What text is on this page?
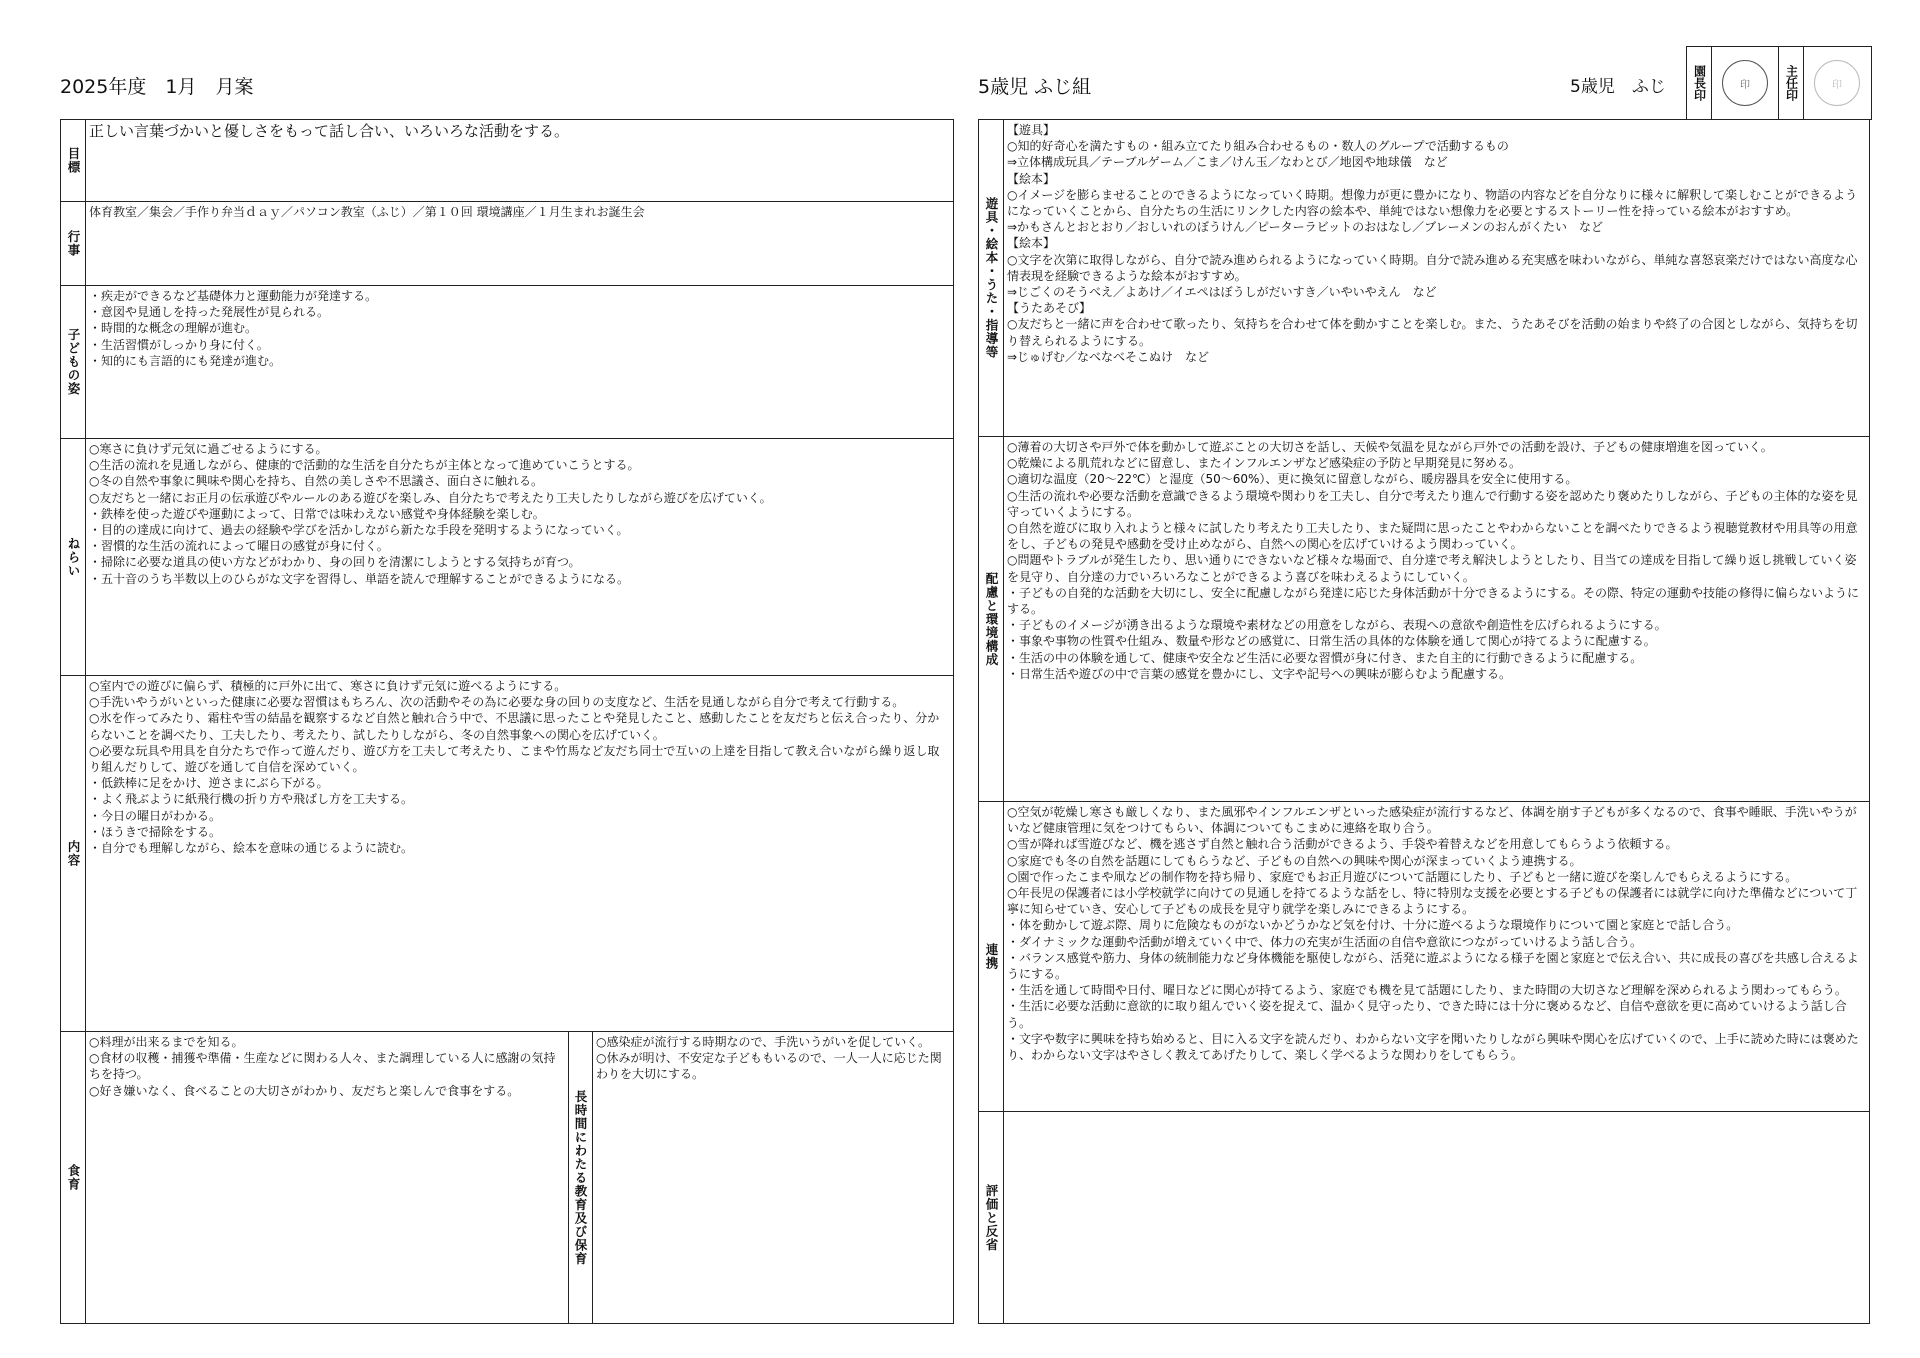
2025年度　1月　月案	5歳児 ふじ組	5歳児　ふじ	園長印	印	主任印	印
目標
正しい言葉づかいと優しさをもって話し合い、いろいろな活動をする。
行事
体育教室／集会／手作り弁当ｄａｙ／パソコン教室（ふじ）／第１０回 環境講座／１月生まれお誕生会
子どもの姿
・疾走ができるなど基礎体力と運動能力が発達する。
・意図や見通しを持った発展性が見られる。
・時間的な概念の理解が進む。
・生活習慣がしっかり身に付く。
・知的にも言語的にも発達が進む。
ねらい
○寒さに負けず元気に過ごせるようにする。
○生活の流れを見通しながら、健康的で活動的な生活を自分たちが主体となって進めていこうとする。
○冬の自然や事象に興味や関心を持ち、自然の美しさや不思議さ、面白さに触れる。
○友だちと一緒にお正月の伝承遊びやルールのある遊びを楽しみ、自分たちで考えたり工夫したりしながら遊びを広げていく。
・鉄棒を使った遊びや運動によって、日常では味わえない感覚や身体経験を楽しむ。
・目的の達成に向けて、過去の経験や学びを活かしながら新たな手段を発明するようになっていく。
・習慣的な生活の流れによって曜日の感覚が身に付く。
・掃除に必要な道具の使い方などがわかり、身の回りを清潔にしようとする気持ちが育つ。
・五十音のうち半数以上のひらがな文字を習得し、単語を読んで理解することができるようになる。
内容
○室内での遊びに偏らず、積極的に戸外に出て、寒さに負けず元気に遊べるようにする。
○手洗いやうがいといった健康に必要な習慣はもちろん、次の活動やその為に必要な身の回りの支度など、生活を見通しながら自分で考えて行動する。
○氷を作ってみたり、霜柱や雪の結晶を観察するなど自然と触れ合う中で、不思議に思ったことや発見したこと、感動したことを友だちと伝え合ったり、分からないことを調べたり、工夫したり、考えたり、試したりしながら、冬の自然事象への関心を広げていく。
○必要な玩具や用具を自分たちで作って遊んだり、遊び方を工夫して考えたり、こまや竹馬など友だち同士で互いの上達を目指して教え合いながら繰り返し取り組んだりして、遊びを通して自信を深めていく。
・低鉄棒に足をかけ、逆さまにぶら下がる。
・よく飛ぶように紙飛行機の折り方や飛ばし方を工夫する。
・今日の曜日がわかる。
・ほうきで掃除をする。
・自分でも理解しながら、絵本を意味の通じるように読む。
食育
○料理が出来るまでを知る。
○食材の収穫・捕獲や準備・生産などに関わる人々、また調理している人に感謝の気持ちを持つ。
○好き嫌いなく、食べることの大切さがわかり、友だちと楽しんで食事をする。	長時間にわたる教育及び保育
○感染症が流行する時期なので、手洗いうがいを促していく。
○休みが明け、不安定な子どももいるので、一人一人に応じた関わりを大切にする。
遊具・絵本・うた・指導等
【遊具】
○知的好奇心を満たすもの・組み立てたり組み合わせるもの・数人のグループで活動するもの
⇒立体構成玩具／テーブルゲーム／こま／けん玉／なわとび／地図や地球儀　など
【絵本】
○イメージを膨らませることのできるようになっていく時期。想像力が更に豊かになり、物語の内容などを自分なりに様々に解釈して楽しむことができるようになっていくことから、自分たちの生活にリンクした内容の絵本や、単純ではない想像力を必要とするストーリー性を持っている絵本がおすすめ。
⇒かもさんとおとおり／おしいれのぼうけん／ピーターラビットのおはなし／ブレーメンのおんがくたい　など
【絵本】
○文字を次第に取得しながら、自分で読み進められるようになっていく時期。自分で読み進める充実感を味わいながら、単純な喜怒哀楽だけではない高度な心情表現を経験できるような絵本がおすすめ。
⇒じごくのそうべえ／よあけ／イエペはぼうしがだいすき／いやいやえん　など
【うたあそび】
○友だちと一緒に声を合わせて歌ったり、気持ちを合わせて体を動かすことを楽しむ。また、うたあそびを活動の始まりや終了の合図としながら、気持ちを切り替えられるようにする。
⇒じゅげむ／なべなべそこぬけ　など
配慮と環境構成
○薄着の大切さや戸外で体を動かして遊ぶことの大切さを話し、天候や気温を見ながら戸外での活動を設け、子どもの健康増進を図っていく。
○乾燥による肌荒れなどに留意し、またインフルエンザなど感染症の予防と早期発見に努める。
○適切な温度（20〜22℃）と湿度（50〜60%）、更に換気に留意しながら、暖房器具を安全に使用する。
○生活の流れや必要な活動を意識できるよう環境や関わりを工夫し、自分で考えたり進んで行動する姿を認めたり褒めたりしながら、子どもの主体的な姿を見守っていくようにする。
○自然を遊びに取り入れようと様々に試したり考えたり工夫したり、また疑問に思ったことやわからないことを調べたりできるよう視聴覚教材や用具等の用意をし、子どもの発見や感動を受け止めながら、自然への関心を広げていけるよう関わっていく。
○問題やトラブルが発生したり、思い通りにできないなど様々な場面で、自分達で考え解決しようとしたり、目当ての達成を目指して繰り返し挑戦していく姿を見守り、自分達の力でいろいろなことができるよう喜びを味わえるようにしていく。
・子どもの自発的な活動を大切にし、安全に配慮しながら発達に応じた身体活動が十分できるようにする。その際、特定の運動や技能の修得に偏らないようにする。
・子どものイメージが湧き出るような環境や素材などの用意をしながら、表現への意欲や創造性を広げられるようにする。
・事象や事物の性質や仕組み、数量や形などの感覚に、日常生活の具体的な体験を通して関心が持てるように配慮する。
・生活の中の体験を通して、健康や安全など生活に必要な習慣が身に付き、また自主的に行動できるように配慮する。
・日常生活や遊びの中で言葉の感覚を豊かにし、文字や記号への興味が膨らむよう配慮する。
連携
○空気が乾燥し寒さも厳しくなり、また風邪やインフルエンザといった感染症が流行するなど、体調を崩す子どもが多くなるので、食事や睡眠、手洗いやうがいなど健康管理に気をつけてもらい、体調についてもこまめに連絡を取り合う。
○雪が降れば雪遊びなど、機を逃さず自然と触れ合う活動ができるよう、手袋や着替えなどを用意してもらうよう依頼する。
○家庭でも冬の自然を話題にしてもらうなど、子どもの自然への興味や関心が深まっていくよう連携する。
○園で作ったこまや凧などの制作物を持ち帰り、家庭でもお正月遊びについて話題にしたり、子どもと一緒に遊びを楽しんでもらえるようにする。
○年長児の保護者には小学校就学に向けての見通しを持てるような話をし、特に特別な支援を必要とする子どもの保護者には就学に向けた準備などについて丁寧に知らせていき、安心して子どもの成長を見守り就学を楽しみにできるようにする。
・体を動かして遊ぶ際、周りに危険なものがないかどうかなど気を付け、十分に遊べるような環境作りについて園と家庭とで話し合う。
・ダイナミックな運動や活動が増えていく中で、体力の充実が生活面の自信や意欲につながっていけるよう話し合う。
・バランス感覚や筋力、身体の統制能力など身体機能を駆使しながら、活発に遊ぶようになる様子を園と家庭とで伝え合い、共に成長の喜びを共感し合えるようにする。
・生活を通して時間や日付、曜日などに関心が持てるよう、家庭でも機を見て話題にしたり、また時間の大切さなど理解を深められるよう関わってもらう。
・生活に必要な活動に意欲的に取り組んでいく姿を捉えて、温かく見守ったり、できた時には十分に褒めるなど、自信や意欲を更に高めていけるよう話し合う。
・文字や数字に興味を持ち始めると、目に入る文字を読んだり、わからない文字を聞いたりしながら興味や関心を広げていくので、上手に読めた時には褒めたり、わからない文字はやさしく教えてあげたりして、楽しく学べるような関わりをしてもらう。
評価と反省
